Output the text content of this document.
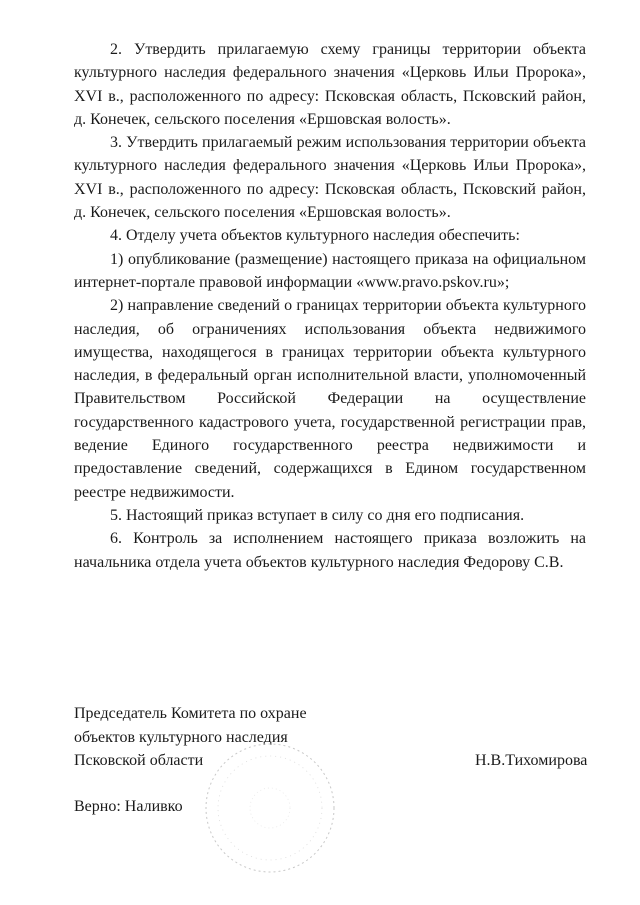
2. Утвердить прилагаемую схему границы территории объекта культурного наследия федерального значения «Церковь Ильи Пророка», XVI в., расположенного по адресу: Псковская область, Псковский район, д. Конечек, сельского поселения «Ершовская волость».

3. Утвердить прилагаемый режим использования территории объекта культурного наследия федерального значения «Церковь Ильи Пророка», XVI в., расположенного по адресу: Псковская область, Псковский район, д. Конечек, сельского поселения «Ершовская волость».

4. Отделу учета объектов культурного наследия обеспечить:

1) опубликование (размещение) настоящего приказа на официальном интернет-портале правовой информации «www.pravo.pskov.ru»;

2) направление сведений о границах территории объекта культурного наследия, об ограничениях использования объекта недвижимого имущества, находящегося в границах территории объекта культурного наследия, в федеральный орган исполнительной власти, уполномоченный Правительством Российской Федерации на осуществление государственного кадастрового учета, государственной регистрации прав, ведение Единого государственного реестра недвижимости и предоставление сведений, содержащихся в Едином государственном реестре недвижимости.

5. Настоящий приказ вступает в силу со дня его подписания.

6. Контроль за исполнением настоящего приказа возложить на начальника отдела учета объектов культурного наследия Федорову С.В.

Председатель Комитета по охране
объектов культурного наследия
Псковской области	Н.В.Тихомирова
Верно: Наливко
